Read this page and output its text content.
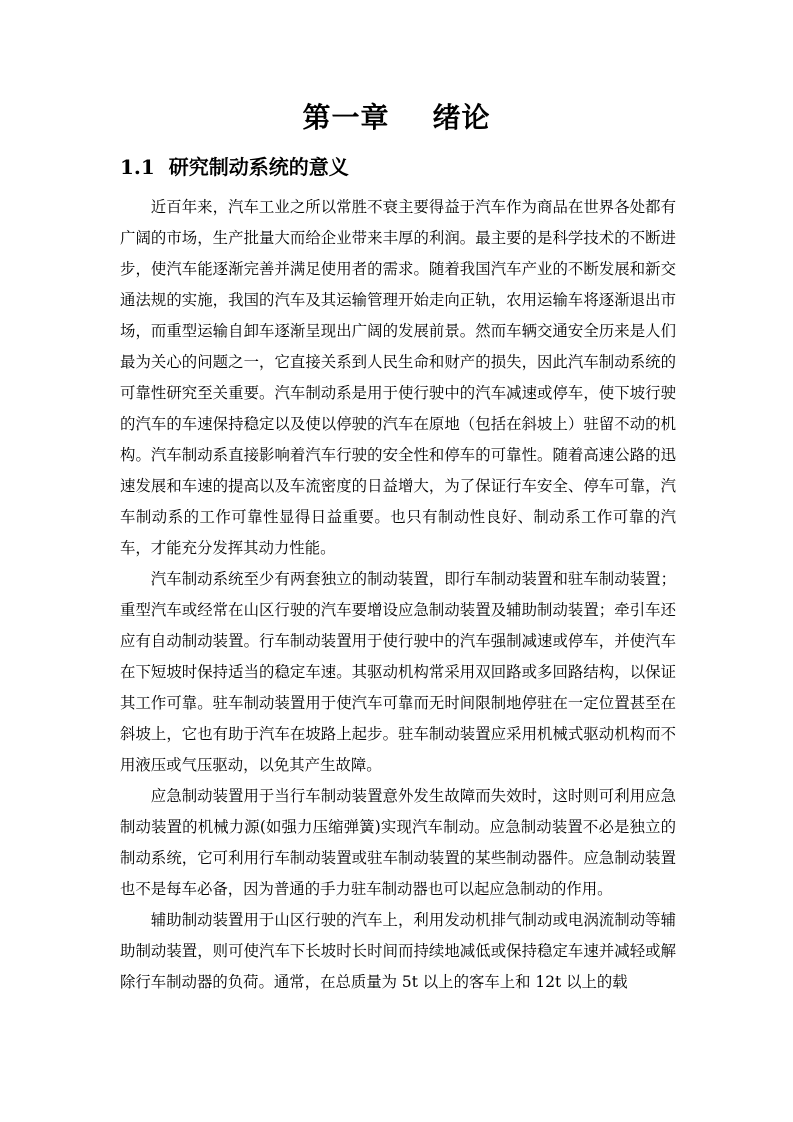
第一章    绪论
1.1  研究制动系统的意义

近百年来，汽车工业之所以常胜不衰主要得益于汽车作为商品在世界各处都有广阔的市场，生产批量大而给企业带来丰厚的利润。最主要的是科学技术的不断进步，使汽车能逐渐完善并满足使用者的需求。随着我国汽车产业的不断发展和新交通法规的实施，我国的汽车及其运输管理开始走向正轨，农用运输车将逐渐退出市场，而重型运输自卸车逐渐呈现出广阔的发展前景。然而车辆交通安全历来是人们最为关心的问题之一，它直接关系到人民生命和财产的损失，因此汽车制动系统的可靠性研究至关重要。汽车制动系是用于使行驶中的汽车减速或停车，使下坡行驶的汽车的车速保持稳定以及使以停驶的汽车在原地（包括在斜坡上）驻留不动的机构。汽车制动系直接影响着汽车行驶的安全性和停车的可靠性。随着高速公路的迅速发展和车速的提高以及车流密度的日益增大，为了保证行车安全、停车可靠，汽车制动系的工作可靠性显得日益重要。也只有制动性良好、制动系工作可靠的汽车，才能充分发挥其动力性能。

汽车制动系统至少有两套独立的制动装置，即行车制动装置和驻车制动装置；重型汽车或经常在山区行驶的汽车要增设应急制动装置及辅助制动装置；牵引车还应有自动制动装置。行车制动装置用于使行驶中的汽车强制减速或停车，并使汽车在下短坡时保持适当的稳定车速。其驱动机构常采用双回路或多回路结构，以保证其工作可靠。驻车制动装置用于使汽车可靠而无时间限制地停驻在一定位置甚至在斜坡上，它也有助于汽车在坡路上起步。驻车制动装置应采用机械式驱动机构而不用液压或气压驱动，以免其产生故障。

应急制动装置用于当行车制动装置意外发生故障而失效时，这时则可利用应急制动装置的机械力源(如强力压缩弹簧)实现汽车制动。应急制动装置不必是独立的制动系统，它可利用行车制动装置或驻车制动装置的某些制动器件。应急制动装置也不是每车必备，因为普通的手力驻车制动器也可以起应急制动的作用。

辅助制动装置用于山区行驶的汽车上，利用发动机排气制动或电涡流制动等辅助制动装置，则可使汽车下长坡时长时间而持续地减低或保持稳定车速并减轻或解除行车制动器的负荷。通常，在总质量为 5t 以上的客车上和 12t 以上的载
